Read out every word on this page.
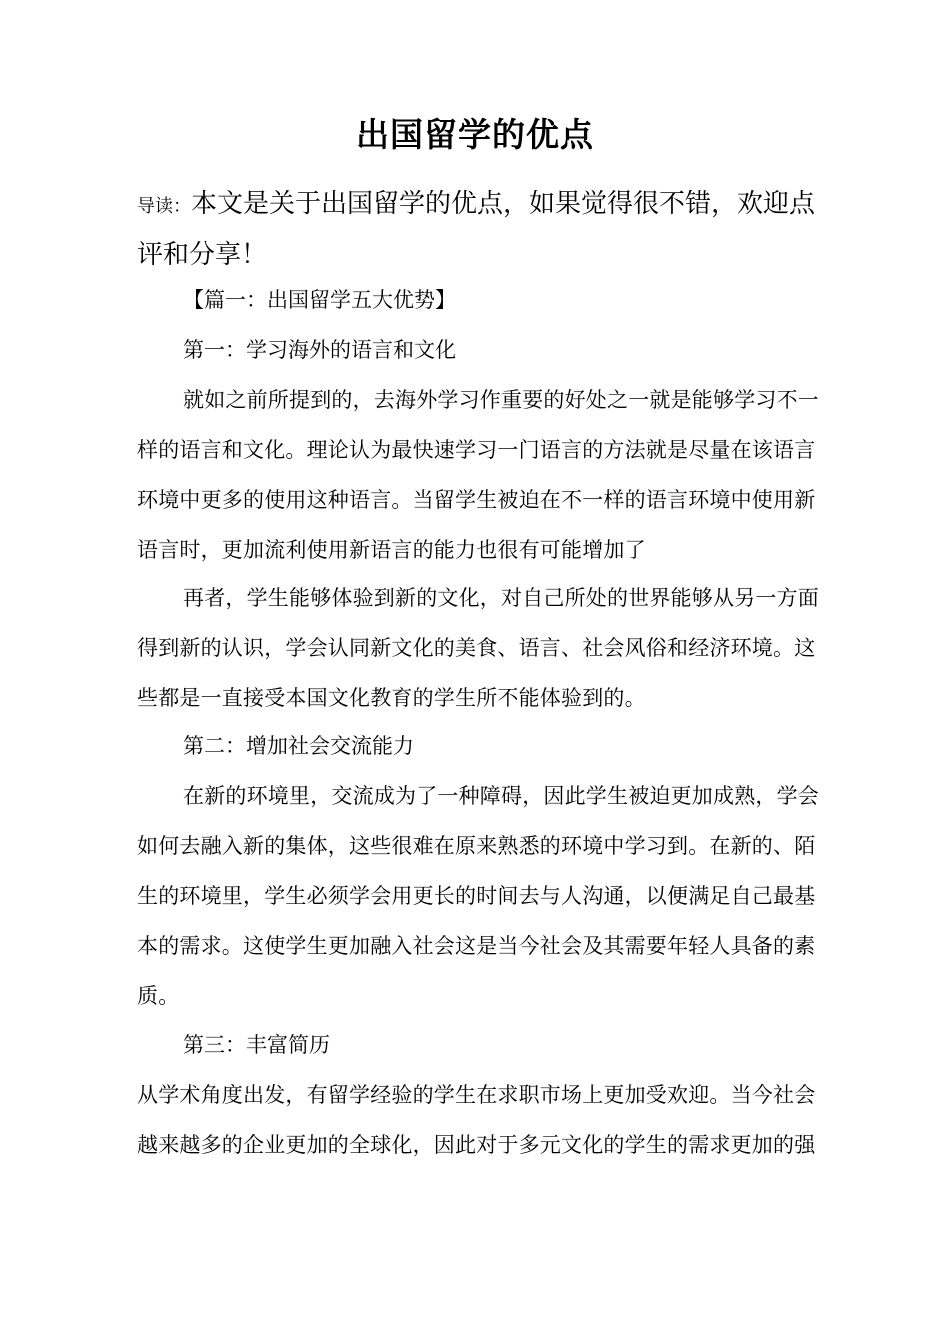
出国留学的优点
导读：本文是关于出国留学的优点，如果觉得很不错，欢迎点评和分享！
【篇一：出国留学五大优势】
第一：学习海外的语言和文化
就如之前所提到的，去海外学习作重要的好处之一就是能够学习不一样的语言和文化。理论认为最快速学习一门语言的方法就是尽量在该语言环境中更多的使用这种语言。当留学生被迫在不一样的语言环境中使用新语言时，更加流利使用新语言的能力也很有可能增加了
再者，学生能够体验到新的文化，对自己所处的世界能够从另一方面得到新的认识，学会认同新文化的美食、语言、社会风俗和经济环境。这些都是一直接受本国文化教育的学生所不能体验到的。
第二：增加社会交流能力
在新的环境里，交流成为了一种障碍，因此学生被迫更加成熟，学会如何去融入新的集体，这些很难在原来熟悉的环境中学习到。在新的、陌生的环境里，学生必须学会用更长的时间去与人沟通，以便满足自己最基本的需求。这使学生更加融入社会这是当今社会及其需要年轻人具备的素质。
第三：丰富简历
从学术角度出发，有留学经验的学生在求职市场上更加受欢迎。当今社会越来越多的企业更加的全球化，因此对于多元文化的学生的需求更加的强
